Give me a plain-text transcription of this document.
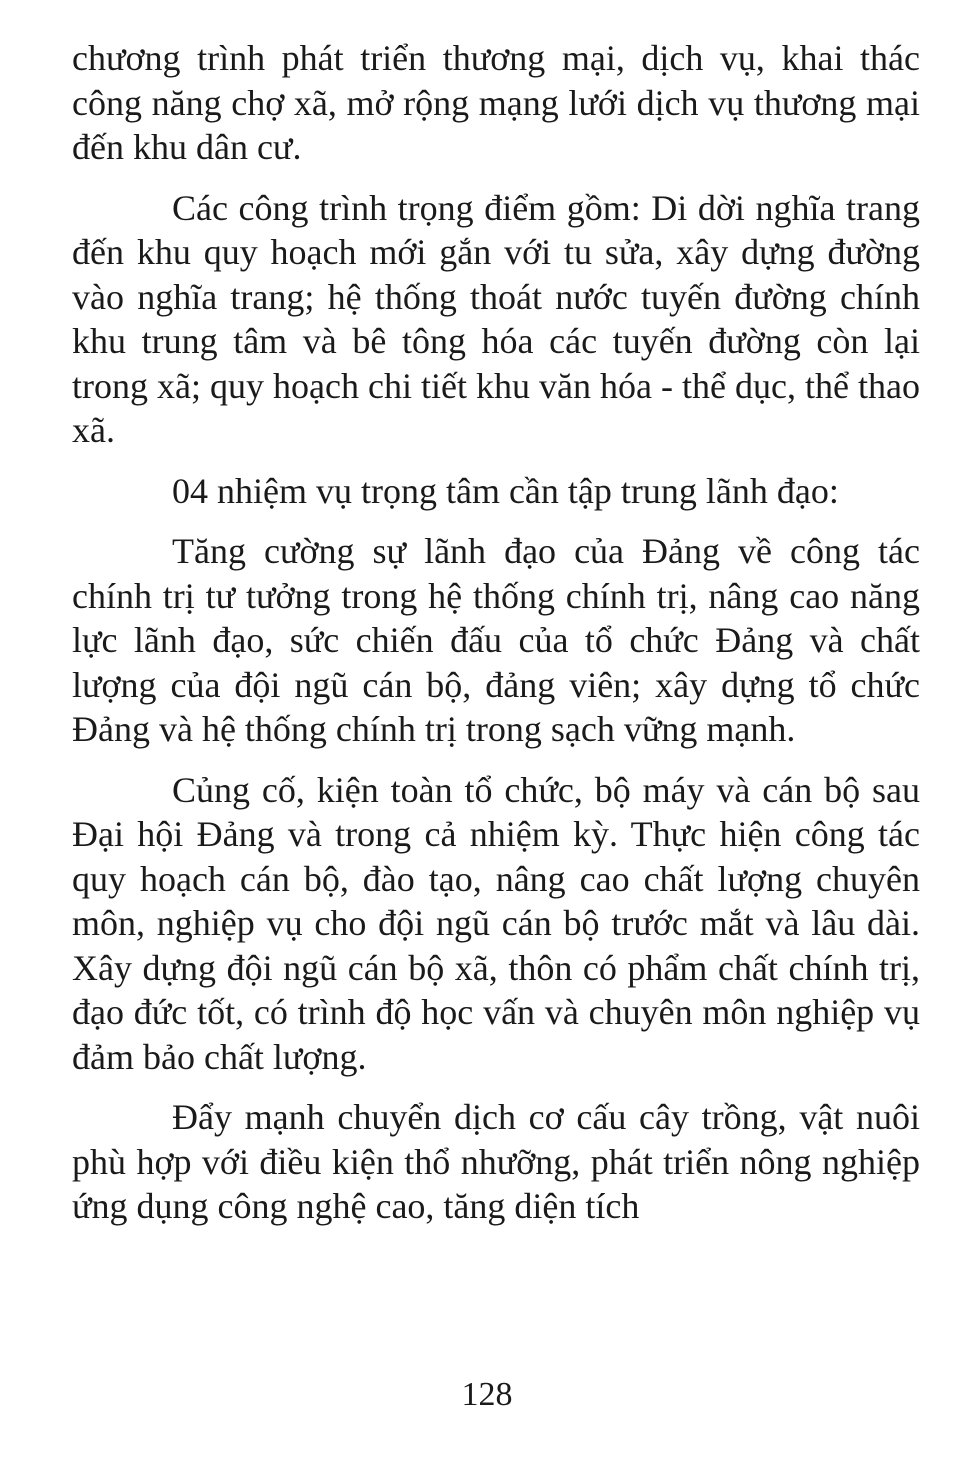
chương trình phát triển thương mại, dịch vụ, khai thác công năng chợ xã, mở rộng mạng lưới dịch vụ thương mại đến khu dân cư.

Các công trình trọng điểm gồm: Di dời nghĩa trang đến khu quy hoạch mới gắn với tu sửa, xây dựng đường vào nghĩa trang; hệ thống thoát nước tuyến đường chính khu trung tâm và bê tông hóa các tuyến đường còn lại trong xã; quy hoạch chi tiết khu văn hóa - thể dục, thể thao xã.

04 nhiệm vụ trọng tâm cần tập trung lãnh đạo:

Tăng cường sự lãnh đạo của Đảng về công tác chính trị tư tưởng trong hệ thống chính trị, nâng cao năng lực lãnh đạo, sức chiến đấu của tổ chức Đảng và chất lượng của đội ngũ cán bộ, đảng viên; xây dựng tổ chức Đảng và hệ thống chính trị trong sạch vững mạnh.

Củng cố, kiện toàn tổ chức, bộ máy và cán bộ sau Đại hội Đảng và trong cả nhiệm kỳ. Thực hiện công tác quy hoạch cán bộ, đào tạo, nâng cao chất lượng chuyên môn, nghiệp vụ cho đội ngũ cán bộ trước mắt và lâu dài. Xây dựng đội ngũ cán bộ xã, thôn có phẩm chất chính trị, đạo đức tốt, có trình độ học vấn và chuyên môn nghiệp vụ đảm bảo chất lượng.

Đẩy mạnh chuyển dịch cơ cấu cây trồng, vật nuôi phù hợp với điều kiện thổ nhưỡng, phát triển nông nghiệp ứng dụng công nghệ cao, tăng diện tích

128
